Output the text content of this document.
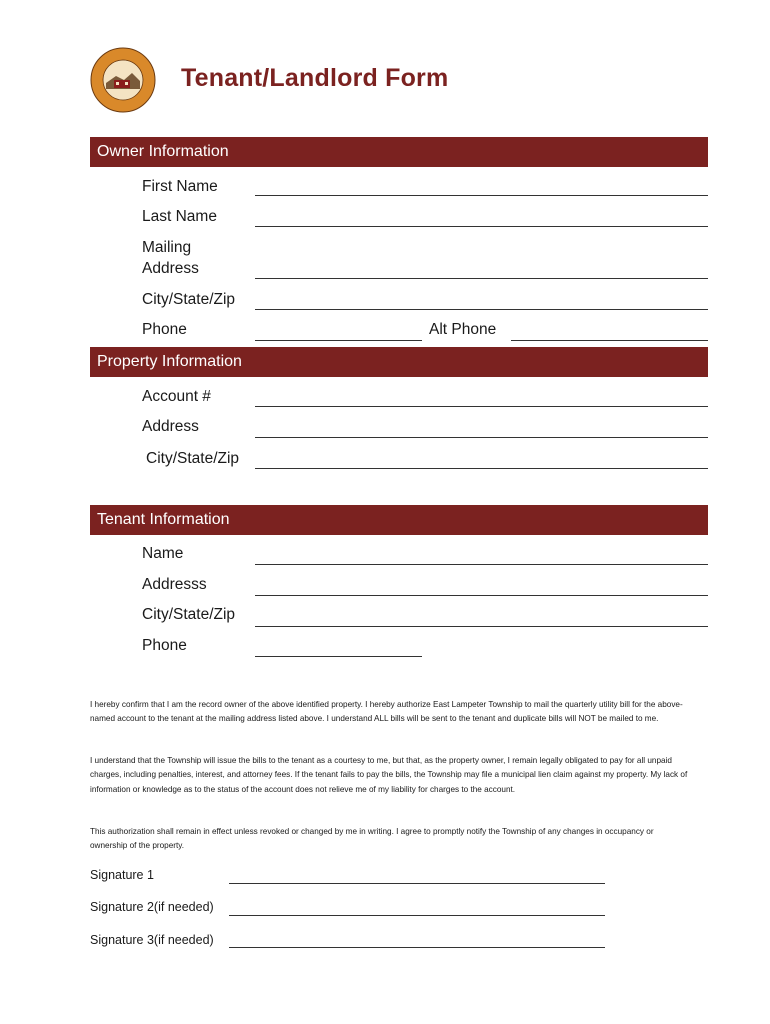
Tenant/Landlord Form
Owner Information
First Name
Last Name
Mailing
Address
City/State/Zip
Phone	Alt Phone
Property Information
Account #
Address
City/State/Zip
Tenant Information
Name
Addresss
City/State/Zip
Phone
I hereby confirm that I am the record owner of the above identified property. I hereby authorize East Lampeter Township to mail the quarterly utility bill for the above-named account to the tenant at the mailing address listed above. I understand ALL bills will be sent to the tenant and duplicate bills will NOT be mailed to me.
I understand that the Township will issue the bills to the tenant as a courtesy to me, but that, as the property owner, I remain legally obligated to pay for all unpaid charges, including penalties, interest, and attorney fees. If the tenant fails to pay the bills, the Township may file a municipal lien claim against my property. My lack of information or knowledge as to the status of the account does not relieve me of my liability for charges to the account.
This authorization shall remain in effect unless revoked or changed by me in writing. I agree to promptly notify the Township of any changes in occupancy or ownership of the property.
Signature 1
Signature 2(if needed)
Signature 3(if needed)
